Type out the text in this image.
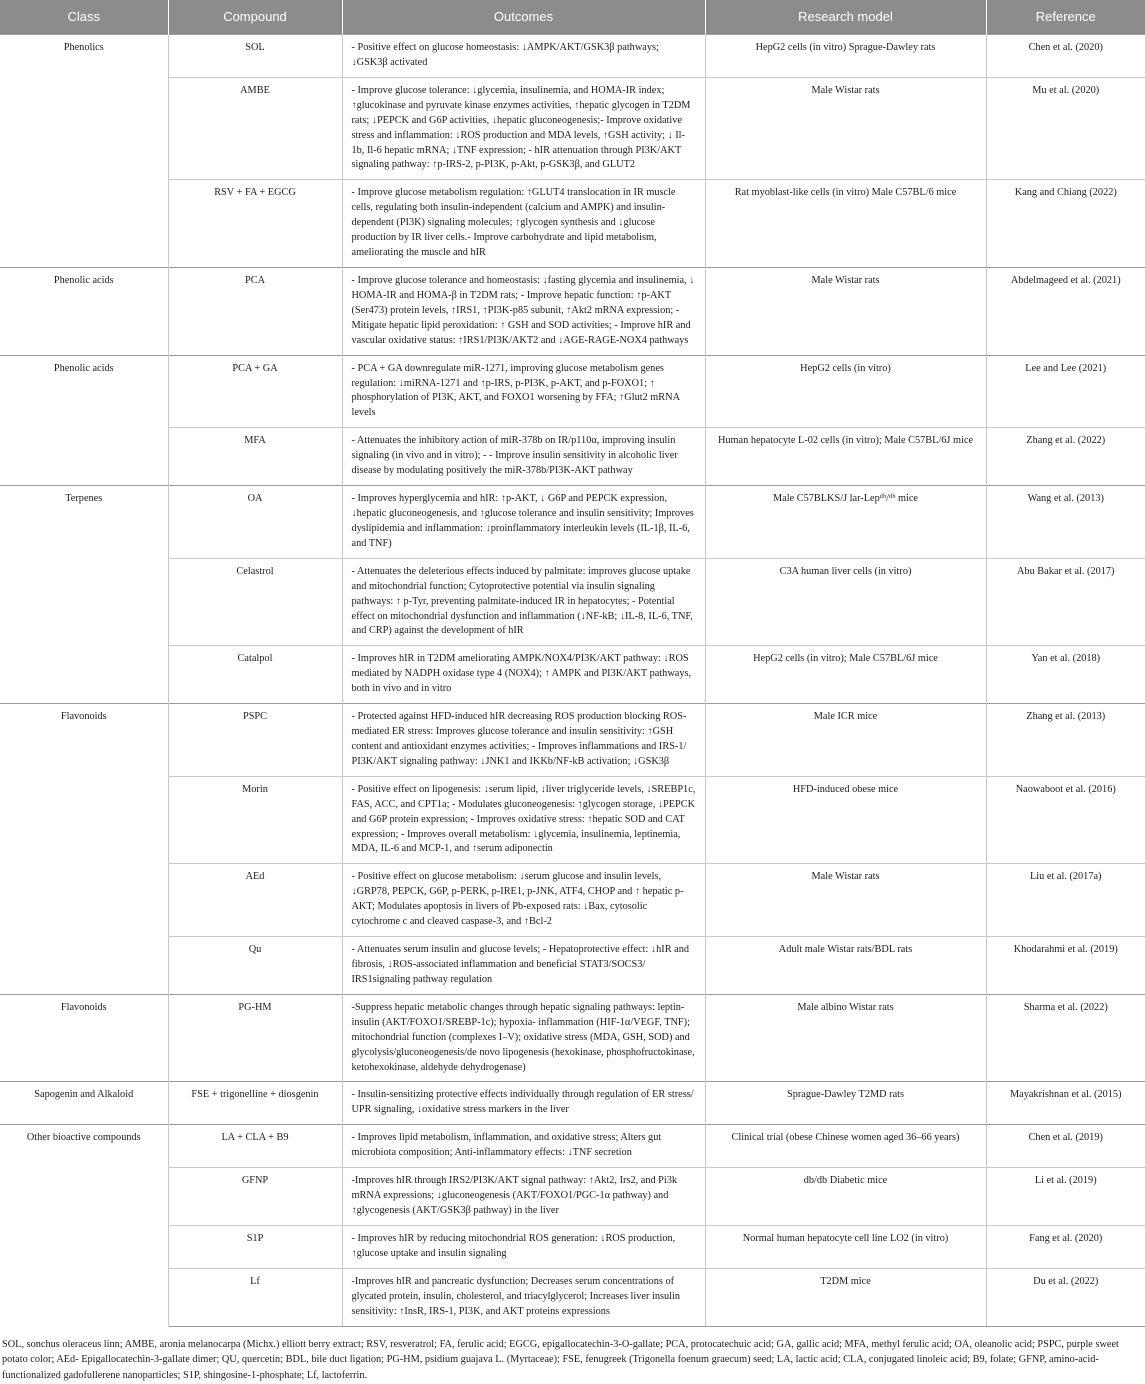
Class	Compound	Outcomes	Research model	Reference
Phenolics	SOL	- Positive effect on glucose homeostasis: ↓AMPK/AKT/GSK3β pathways; ↓GSK3β activated	HepG2 cells (in vitro) Sprague-Dawley rats	Chen et al. (2020)
	AMBE	- Improve glucose tolerance: ↓glycemia, insulinemia, and HOMA-IR index; ↑glucokinase and pyruvate kinase enzymes activities, ↑hepatic glycogen in T2DM rats; ↓PEPCK and G6P activities, ↓hepatic gluconeogenesis;- Improve oxidative stress and inflammation: ↓ROS production and MDA levels, ↑GSH activity; ↓ Il-1b, Il-6 hepatic mRNA; ↓TNF expression; - hIR attenuation through PI3K/AKT signaling pathway: ↑p-IRS-2, p-PI3K, p-Akt, p-GSK3β, and GLUT2	Male Wistar rats	Mu et al. (2020)
	RSV + FA + EGCG	- Improve glucose metabolism regulation: ↑GLUT4 translocation in IR muscle cells, regulating both insulin-independent (calcium and AMPK) and insulin-dependent (PI3K) signaling molecules; ↑glycogen synthesis and ↓glucose production by IR liver cells.- Improve carbohydrate and lipid metabolism, ameliorating the muscle and hIR	Rat myoblast-like cells (in vitro) Male C57BL/6 mice	Kang and Chiang (2022)
Phenolic acids	PCA	- Improve glucose tolerance and homeostasis: ↓fasting glycemia and insulinemia, ↓ HOMA-IR and HOMA-β in T2DM rats; - Improve hepatic function: ↑p-AKT (Ser473) protein levels, ↑IRS1, ↑PI3K-p85 subunit, ↑Akt2 mRNA expression; - Mitigate hepatic lipid peroxidation: ↑ GSH and SOD activities; - Improve hIR and vascular oxidative status: ↑IRS1/PI3K/AKT2 and ↓AGE-RAGE-NOX4 pathways	Male Wistar rats	Abdelmageed et al. (2021)
Phenolic acids	PCA + GA	- PCA + GA downregulate miR-1271, improving glucose metabolism genes regulation: ↓miRNA-1271 and ↑p-IRS, p-PI3K, p-AKT, and p-FOXO1; ↑ phosphorylation of PI3K, AKT, and FOXO1 worsening by FFA; ↑Glut2 mRNA levels	HepG2 cells (in vitro)	Lee and Lee (2021)
	MFA	- Attenuates the inhibitory action of miR-378b on IR/p110α, improving insulin signaling (in vivo and in vitro); - - Improve insulin sensitivity in alcoholic liver disease by modulating positively the miR-378b/PI3K-AKT pathway	Human hepatocyte L-02 cells (in vitro); Male C57BL/6J mice	Zhang et al. (2022)
Terpenes	OA	- Improves hyperglycemia and hIR: ↑p-AKT, ↓ G6P and PEPCK expression, ↓hepatic gluconeogenesis, and ↑glucose tolerance and insulin sensitivity; Improves dyslipidemia and inflammation: ↓proinflammatory interleukin levels (IL-1β, IL-6, and TNF)	Male C57BLKS/J lar-Lepᵈᵇ/ᵈᵇ mice	Wang et al. (2013)
	Celastrol	- Attenuates the deleterious effects induced by palmitate: improves glucose uptake and mitochondrial function; Cytoprotective potential via insulin signaling pathways: ↑ p-Tyr, preventing palmitate-induced IR in hepatocytes; - Potential effect on mitochondrial dysfunction and inflammation (↓NF-kB; ↓IL-8, IL-6, TNF, and CRP) against the development of hIR	C3A human liver cells (in vitro)	Abu Bakar et al. (2017)
	Catalpol	- Improves hIR in T2DM ameliorating AMPK/NOX4/PI3K/AKT pathway: ↓ROS mediated by NADPH oxidase type 4 (NOX4); ↑ AMPK and PI3K/AKT pathways, both in vivo and in vitro	HepG2 cells (in vitro); Male C57BL/6J mice	Yan et al. (2018)
Flavonoids	PSPC	- Protected against HFD-induced hIR decreasing ROS production blocking ROS-mediated ER stress: Improves glucose tolerance and insulin sensitivity: ↑GSH content and antioxidant enzymes activities; - Improves inflammations and IRS-1/ PI3K/AKT signaling pathway: ↓JNK1 and IKKb/NF-kB activation; ↓GSK3β	Male ICR mice	Zhang et al. (2013)
	Morin	- Positive effect on lipogenesis: ↓serum lipid, ↓liver triglyceride levels, ↓SREBP1c, FAS, ACC, and CPT1a; - Modulates gluconeogenesis: ↑glycogen storage, ↓PEPCK and G6P protein expression; - Improves oxidative stress: ↑hepatic SOD and CAT expression; - Improves overall metabolism: ↓glycemia, insulinemia, leptinemia, MDA, IL-6 and MCP-1, and ↑serum adiponectin	HFD-induced obese mice	Naowaboot et al. (2016)
	AEd	- Positive effect on glucose metabolism: ↓serum glucose and insulin levels, ↓GRP78, PEPCK, G6P, p-PERK, p-IRE1, p-JNK, ATF4, CHOP and ↑ hepatic p-AKT; Modulates apoptosis in livers of Pb-exposed rats: ↓Bax, cytosolic cytochrome c and cleaved caspase-3, and ↑Bcl-2	Male Wistar rats	Liu et al. (2017a)
	Qu	- Attenuates serum insulin and glucose levels; - Hepatoprotective effect: ↓hIR and fibrosis, ↓ROS-associated inflammation and beneficial STAT3/SOCS3/ IRS1signaling pathway regulation	Adult male Wistar rats/BDL rats	Khodarahmi et al. (2019)
Flavonoids	PG-HM	-Suppress hepatic metabolic changes through hepatic signaling pathways: leptin-insulin (AKT/FOXO1/SREBP-1c); hypoxia- inflammation (HIF-1α/VEGF, TNF); mitochondrial function (complexes I–V); oxidative stress (MDA, GSH, SOD) and glycolysis/gluconeogenesis/de novo lipogenesis (hexokinase, phosphofructokinase, ketohexokinase, aldehyde dehydrogenase)	Male albino Wistar rats	Sharma et al. (2022)
Sapogenin and Alkaloid	FSE + trigonelline + diosgenin	- Insulin-sensitizing protective effects individually through regulation of ER stress/ UPR signaling, ↓oxidative stress markers in the liver	Sprague-Dawley T2MD rats	Mayakrishnan et al. (2015)
Other bioactive compounds	LA + CLA + B9	- Improves lipid metabolism, inflammation, and oxidative stress; Alters gut microbiota composition; Anti-inflammatory effects: ↓TNF secretion	Clinical trial (obese Chinese women aged 36–66 years)	Chen et al. (2019)
	GFNP	-Improves hIR through IRS2/PI3K/AKT signal pathway: ↑Akt2, Irs2, and Pi3k mRNA expressions; ↓gluconeogenesis (AKT/FOXO1/PGC-1α pathway) and ↑glycogenesis (AKT/GSK3β pathway) in the liver	db/db Diabetic mice	Li et al. (2019)
	S1P	- Improves hIR by reducing mitochondrial ROS generation: ↓ROS production, ↑glucose uptake and insulin signaling	Normal human hepatocyte cell line LO2 (in vitro)	Fang et al. (2020)
	Lf	-Improves hIR and pancreatic dysfunction; Decreases serum concentrations of glycated protein, insulin, cholesterol, and triacylglycerol; Increases liver insulin sensitivity: ↑InsR, IRS-1, PI3K, and AKT proteins expressions	T2DM mice	Du et al. (2022)
SOL, sonchus oleraceus linn; AMBE, aronia melanocarpa (Michx.) elliott berry extract; RSV, resveratrol; FA, ferulic acid; EGCG, epigallocatechin-3-O-gallate; PCA, protocatechuic acid; GA, gallic acid; MFA, methyl ferulic acid; OA, oleanolic acid; PSPC, purple sweet potato color; AEd- Epigallocatechin-3-gallate dimer; QU, quercetin; BDL, bile duct ligation; PG-HM, psidium guajava L. (Myrtaceae); FSE, fenugreek (Trigonella foenum graecum) seed; LA, lactic acid; CLA, conjugated linoleic acid; B9, folate; GFNP, amino-acid-functionalized gadofullerene nanoparticles; S1P, shingosine-1-phosphate; Lf, lactoferrin.
